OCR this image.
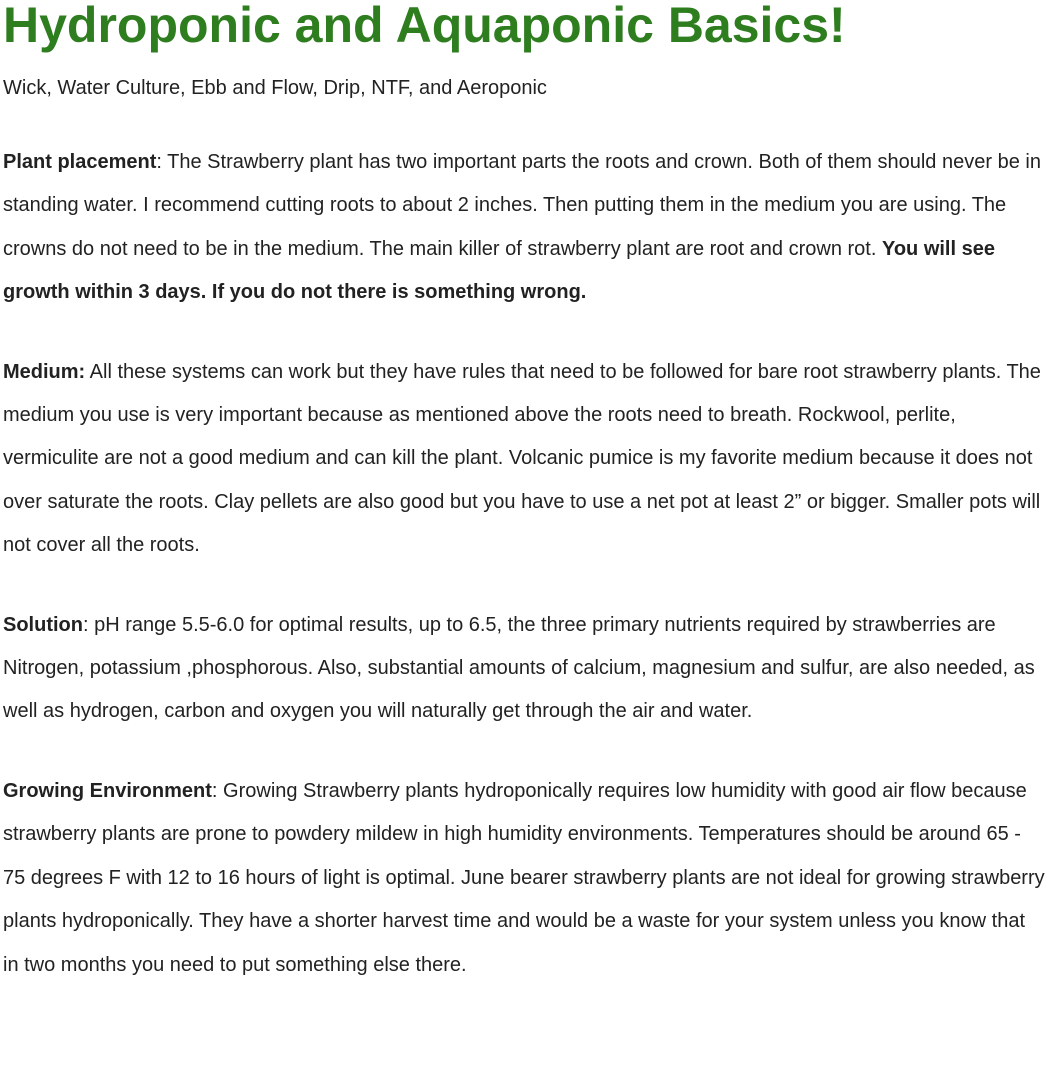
Hydroponic and Aquaponic Basics!

Wick, Water Culture, Ebb and Flow, Drip, NTF, and Aeroponic

Plant placement: The Strawberry plant has two important parts the roots and crown. Both of them should never be in standing water. I recommend cutting roots to about 2 inches. Then putting them in the medium you are using. The crowns do not need to be in the medium. The main killer of strawberry plant are root and crown rot. You will see growth within 3 days. If you do not there is something wrong.

Medium: All these systems can work but they have rules that need to be followed for bare root strawberry plants. The medium you use is very important because as mentioned above the roots need to breath. Rockwool, perlite, vermiculite are not a good medium and can kill the plant. Volcanic pumice is my favorite medium because it does not over saturate the roots. Clay pellets are also good but you have to use a net pot at least 2” or bigger. Smaller pots will not cover all the roots.

Solution: pH range 5.5-6.0 for optimal results, up to 6.5, the three primary nutrients required by strawberries are Nitrogen, potassium ,phosphorous. Also, substantial amounts of calcium, magnesium and sulfur, are also needed, as well as hydrogen, carbon and oxygen you will naturally get through the air and water.

Growing Environment: Growing Strawberry plants hydroponically requires low humidity with good air flow because strawberry plants are prone to powdery mildew in high humidity environments. Temperatures should be around 65 - 75 degrees F with 12 to 16 hours of light is optimal. June bearer strawberry plants are not ideal for growing strawberry plants hydroponically. They have a shorter harvest time and would be a waste for your system unless you know that in two months you need to put something else there.
